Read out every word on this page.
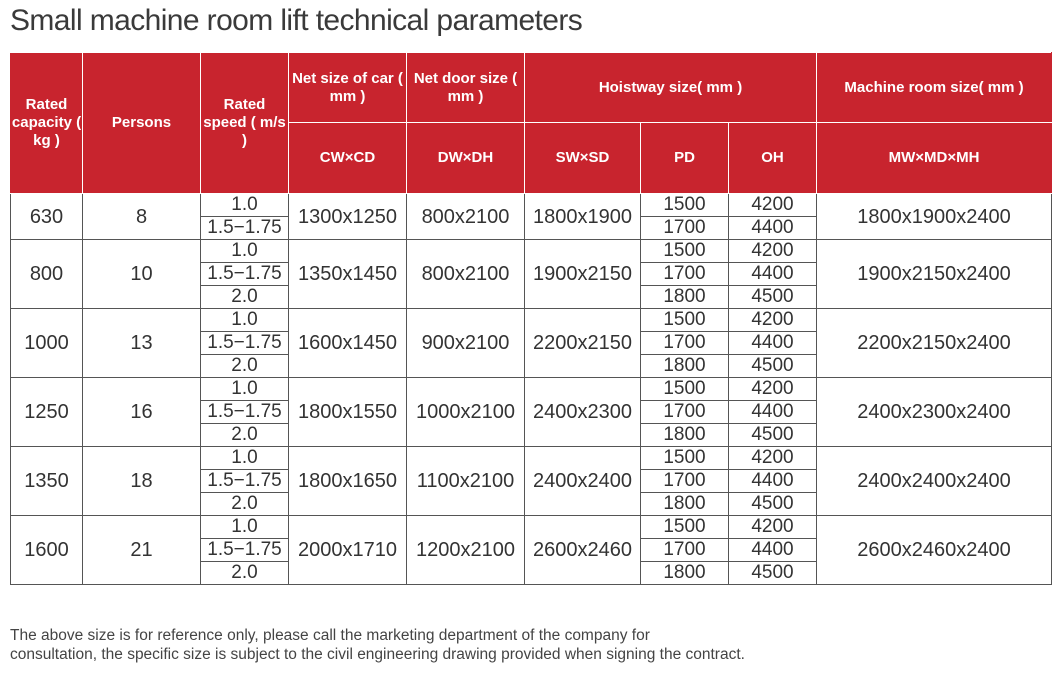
Small machine room lift technical parameters
Rated capacity ( kg )	Persons	Rated speed ( m/s )	Net size of car ( mm )	Net door size ( mm )	Hoistway size( mm )			Machine room size( mm )
			CW×CD	DW×DH	SW×SD	PD	OH	MW×MD×MH
630	8	1.0	1300x1250	800x2100	1800x1900	1500	4200	1800x1900x2400
		1.5−1.75				1700	4400	
800	10	1.0	1350x1450	800x2100	1900x2150	1500	4200	1900x2150x2400
		1.5−1.75				1700	4400	
		2.0				1800	4500	
1000	13	1.0	1600x1450	900x2100	2200x2150	1500	4200	2200x2150x2400
		1.5−1.75				1700	4400	
		2.0				1800	4500	
1250	16	1.0	1800x1550	1000x2100	2400x2300	1500	4200	2400x2300x2400
		1.5−1.75				1700	4400	
		2.0				1800	4500	
1350	18	1.0	1800x1650	1100x2100	2400x2400	1500	4200	2400x2400x2400
		1.5−1.75				1700	4400	
		2.0				1800	4500	
1600	21	1.0	2000x1710	1200x2100	2600x2460	1500	4200	2600x2460x2400
		1.5−1.75				1700	4400	
		2.0				1800	4500	
The above size is for reference only, please call the marketing department of the company for
consultation, the specific size is subject to the civil engineering drawing provided when signing the contract.
